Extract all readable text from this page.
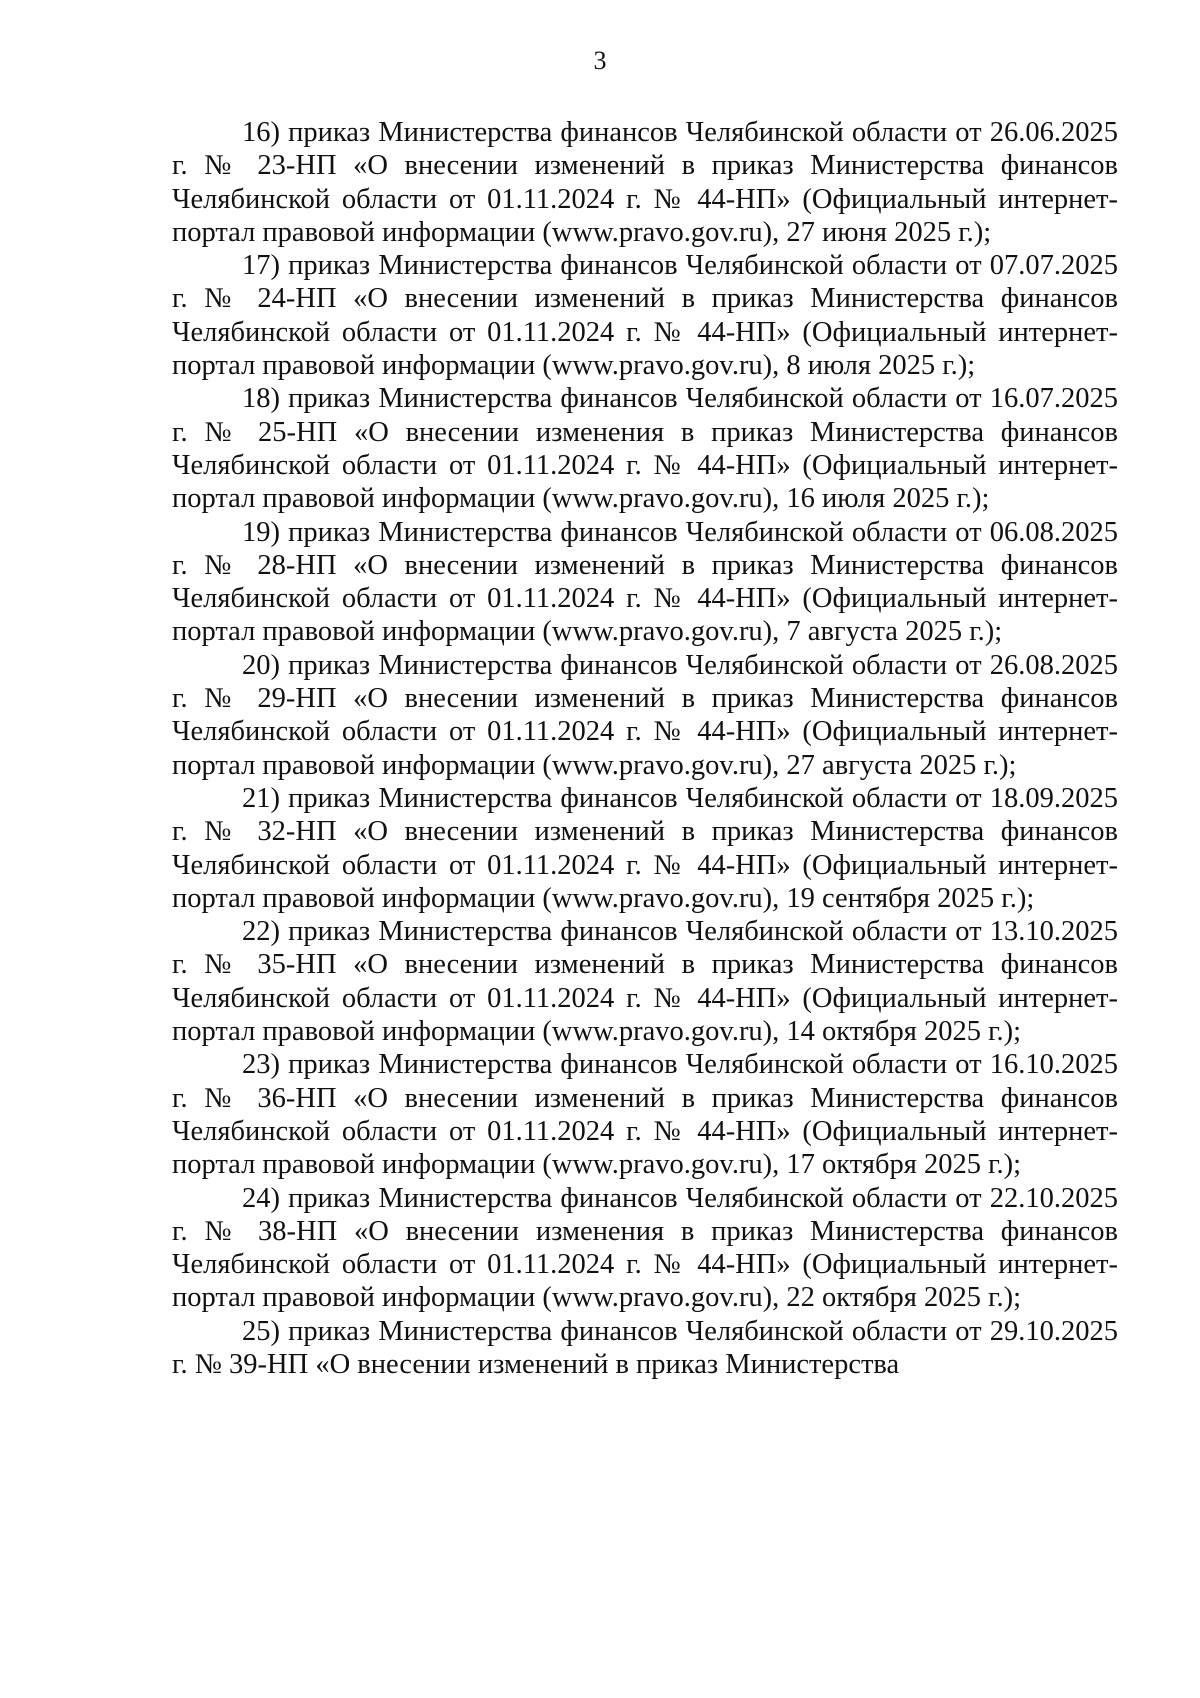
3

16) приказ Министерства финансов Челябинской области от 26.06.2025 г. № 23-НП «О внесении изменений в приказ Министерства финансов Челябинской области от 01.11.2024 г. № 44-НП» (Официальный интернет-портал правовой информации (www.pravo.gov.ru), 27 июня 2025 г.);

17) приказ Министерства финансов Челябинской области от 07.07.2025 г. № 24-НП «О внесении изменений в приказ Министерства финансов Челябинской области от 01.11.2024 г. № 44-НП» (Официальный интернет-портал правовой информации (www.pravo.gov.ru), 8 июля 2025 г.);

18) приказ Министерства финансов Челябинской области от 16.07.2025 г. № 25-НП «О внесении изменения в приказ Министерства финансов Челябинской области от 01.11.2024 г. № 44-НП» (Официальный интернет-портал правовой информации (www.pravo.gov.ru), 16 июля 2025 г.);

19) приказ Министерства финансов Челябинской области от 06.08.2025 г. № 28-НП «О внесении изменений в приказ Министерства финансов Челябинской области от 01.11.2024 г. № 44-НП» (Официальный интернет-портал правовой информации (www.pravo.gov.ru), 7 августа 2025 г.);

20) приказ Министерства финансов Челябинской области от 26.08.2025 г. № 29-НП «О внесении изменений в приказ Министерства финансов Челябинской области от 01.11.2024 г. № 44-НП» (Официальный интернет-портал правовой информации (www.pravo.gov.ru), 27 августа 2025 г.);

21) приказ Министерства финансов Челябинской области от 18.09.2025 г. № 32-НП «О внесении изменений в приказ Министерства финансов Челябинской области от 01.11.2024 г. № 44-НП» (Официальный интернет-портал правовой информации (www.pravo.gov.ru), 19 сентября 2025 г.);

22) приказ Министерства финансов Челябинской области от 13.10.2025 г. № 35-НП «О внесении изменений в приказ Министерства финансов Челябинской области от 01.11.2024 г. № 44-НП» (Официальный интернет-портал правовой информации (www.pravo.gov.ru), 14 октября 2025 г.);

23) приказ Министерства финансов Челябинской области от 16.10.2025 г. № 36-НП «О внесении изменений в приказ Министерства финансов Челябинской области от 01.11.2024 г. № 44-НП» (Официальный интернет-портал правовой информации (www.pravo.gov.ru), 17 октября 2025 г.);

24) приказ Министерства финансов Челябинской области от 22.10.2025 г. № 38-НП «О внесении изменения в приказ Министерства финансов Челябинской области от 01.11.2024 г. № 44-НП» (Официальный интернет-портал правовой информации (www.pravo.gov.ru), 22 октября 2025 г.);

25) приказ Министерства финансов Челябинской области от 29.10.2025 г. № 39-НП «О внесении изменений в приказ Министерства
